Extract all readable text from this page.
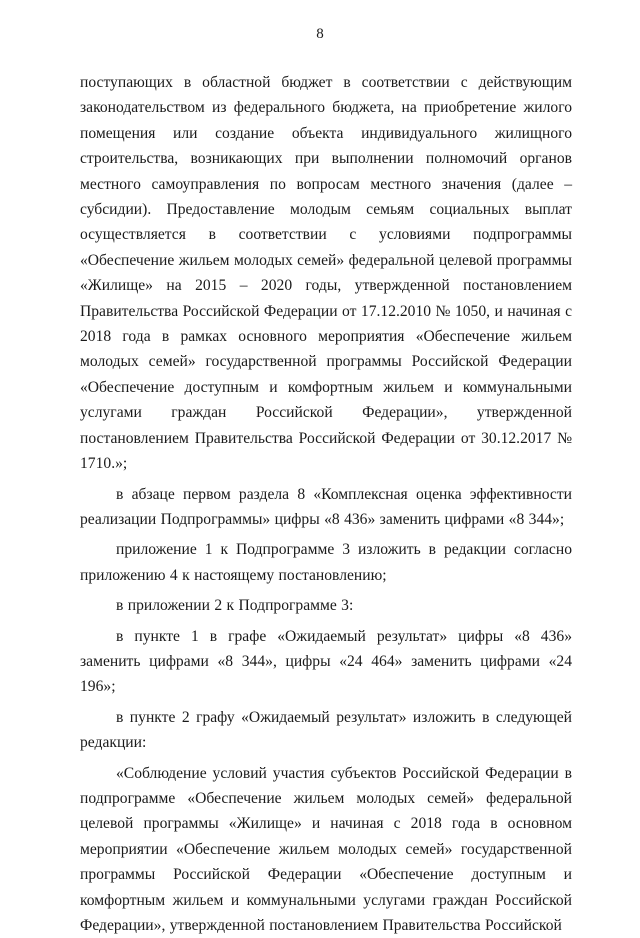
8

поступающих в областной бюджет в соответствии с действующим законодательством из федерального бюджета, на приобретение жилого помещения или создание объекта индивидуального жилищного строительства, возникающих при выполнении полномочий органов местного самоуправления по вопросам местного значения (далее – субсидии). Предоставление молодым семьям социальных выплат осуществляется в соответствии с условиями подпрограммы «Обеспечение жильем молодых семей» федеральной целевой программы «Жилище» на 2015 – 2020 годы, утвержденной постановлением Правительства Российской Федерации от 17.12.2010 № 1050, и начиная с 2018 года в рамках основного мероприятия «Обеспечение жильем молодых семей» государственной программы Российской Федерации «Обеспечение доступным и комфортным жильем и коммунальными услугами граждан Российской Федерации», утвержденной постановлением Правительства Российской Федерации от 30.12.2017 № 1710.»;

в абзаце первом раздела 8 «Комплексная оценка эффективности реализации Подпрограммы» цифры «8 436» заменить цифрами «8 344»;

приложение 1 к Подпрограмме 3 изложить в редакции согласно приложению 4 к настоящему постановлению;

в приложении 2 к Подпрограмме 3:

в пункте 1 в графе «Ожидаемый результат» цифры «8 436» заменить цифрами «8 344», цифры «24 464» заменить цифрами «24 196»;

в пункте 2 графу «Ожидаемый результат» изложить в следующей редакции:

«Соблюдение условий участия субъектов Российской Федерации в подпрограмме «Обеспечение жильем молодых семей» федеральной целевой программы «Жилище» и начиная с 2018 года в основном мероприятии «Обеспечение жильем молодых семей» государственной программы Российской Федерации «Обеспечение доступным и комфортным жильем и коммунальными услугами граждан Российской Федерации», утвержденной постановлением Правительства Российской
